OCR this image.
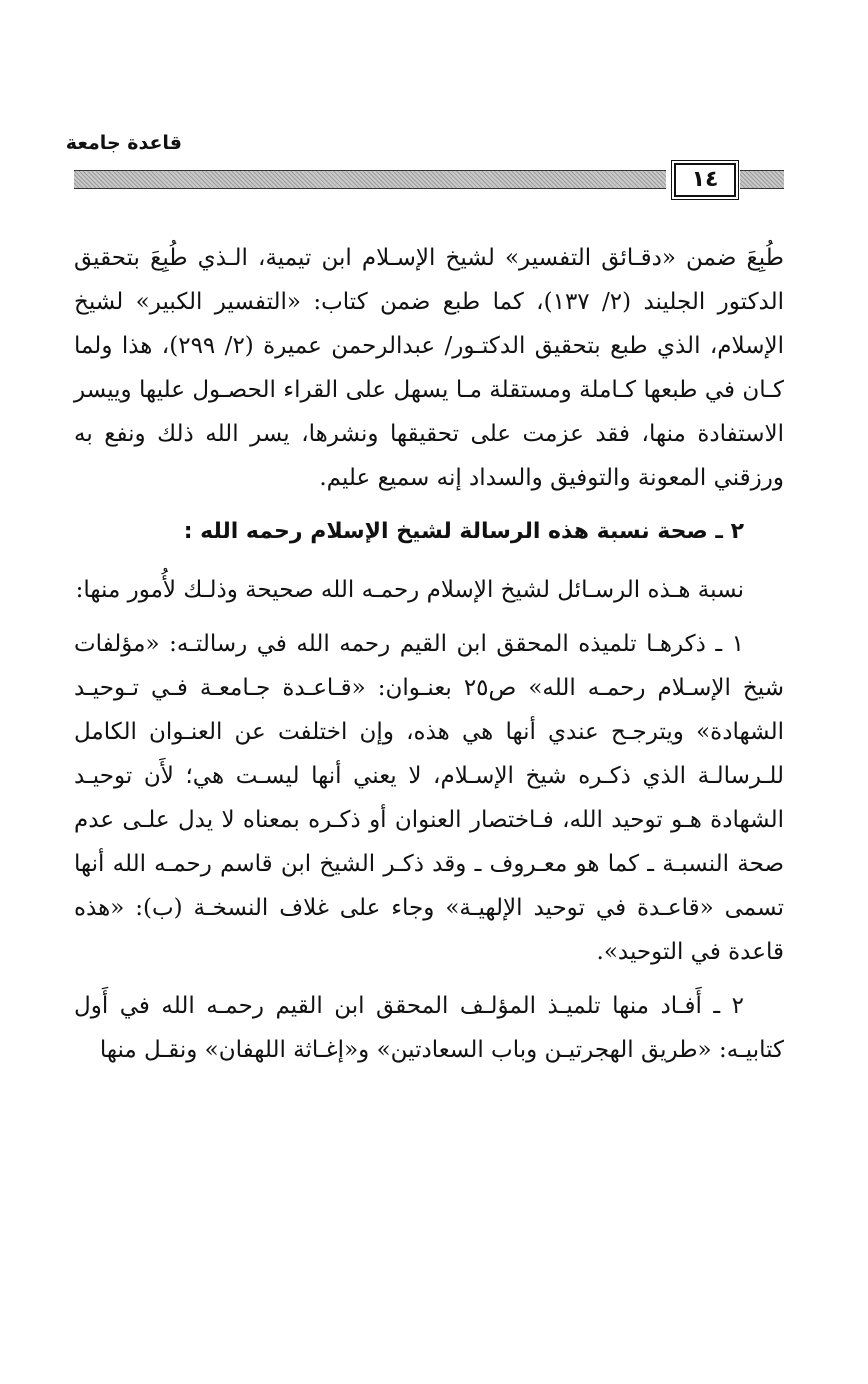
قاعدة جامعة
١٤

طُبِعَ ضمن «دقـائق التفسير» لشيخ الإسـلام ابن تيمية، الـذي طُبِعَ بتحقيق الدكتور الجليند (٢/ ١٣٧)، كما طبع ضمن كتاب: «التفسير الكبير» لشيخ الإسلام، الذي طبع بتحقيق الدكتـور/ عبدالرحمن عميرة (٢/ ٢٩٩)، هذا ولما كـان في طبعها كـاملة ومستقلة مـا يسهل على القراء الحصـول عليها وييسر الاستفادة منها، فقد عزمت على تحقيقها ونشرها، يسر الله ذلك ونفع به ورزقني المعونة والتوفيق والسداد إنه سميع عليم.

٢ ـ صحة نسبة هذه الرسالة لشيخ الإسلام رحمه الله :

نسبة هـذه الرسـائل لشيخ الإسلام رحمـه الله صحيحة وذلـك لأُمور منها:

١ ـ ذكرهـا تلميذه المحقق ابن القيم رحمه الله في رسالتـه: «مؤلفات شيخ الإسـلام رحمـه الله» ص٢٥ بعنـوان: «قـاعـدة جـامعـة فـي تـوحيـد الشهادة» ويترجـح عندي أنها هي هذه، وإن اختلفت عن العنـوان الكامل للـرسالـة الذي ذكـره شيخ الإسـلام، لا يعني أنها ليسـت هي؛ لأَن توحيـد الشهادة هـو توحيد الله، فـاختصار العنوان أو ذكـره بمعناه لا يدل علـى عدم صحة النسبـة ـ كما هو معـروف ـ وقد ذكـر الشيخ ابن قاسم رحمـه الله أنها تسمى «قاعـدة في توحيد الإلهيـة» وجاء على غلاف النسخـة (ب): «هذه قاعدة في التوحيد».

٢ ـ أَفـاد منها تلميـذ المؤلـف المحقق ابن القيم رحمـه الله في أَول كتابيـه: «طريق الهجرتيـن وباب السعادتين» و«إغـاثة اللهفان» ونقـل منها
